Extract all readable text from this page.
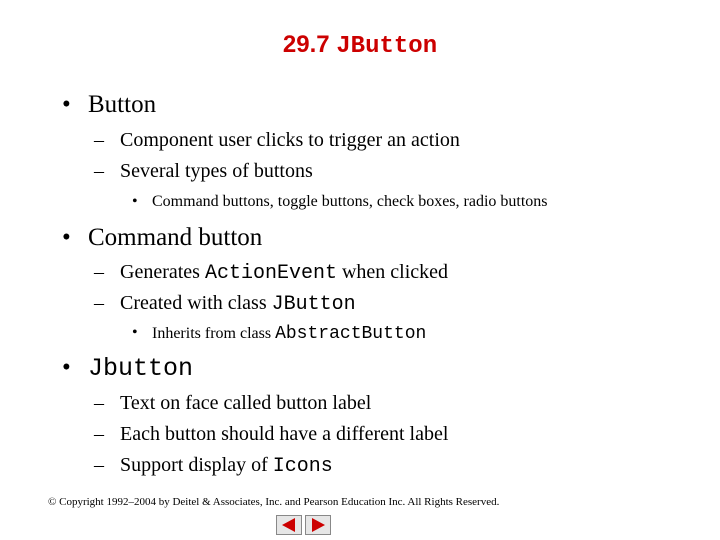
29.7 JButton
• Button
– Component user clicks to trigger an action
– Several types of buttons
• Command buttons, toggle buttons, check boxes, radio buttons
• Command button
– Generates ActionEvent when clicked
– Created with class JButton
• Inherits from class AbstractButton
• Jbutton
– Text on face called button label
– Each button should have a different label
– Support display of Icons
© Copyright 1992–2004 by Deitel & Associates, Inc. and Pearson Education Inc. All Rights Reserved.
